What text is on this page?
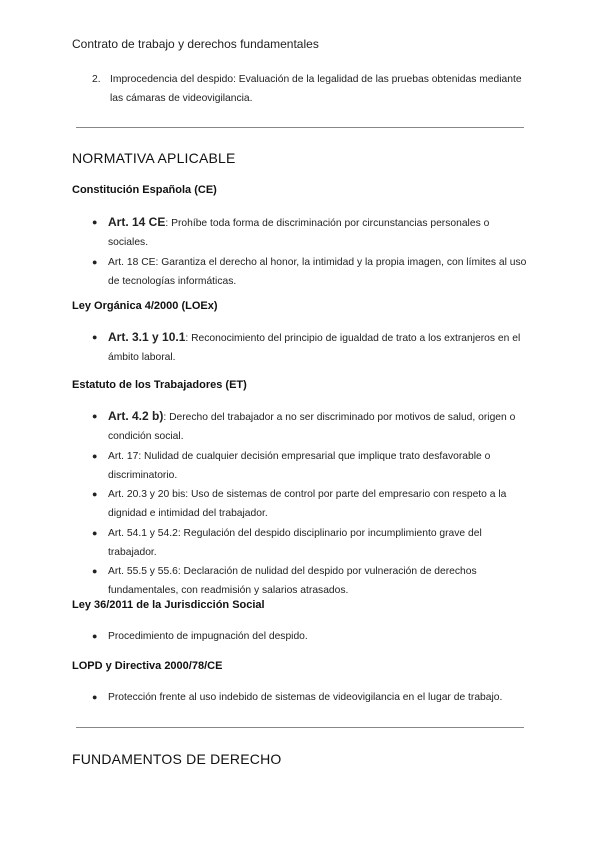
Contrato de trabajo y derechos fundamentales
2. Improcedencia del despido: Evaluación de la legalidad de las pruebas obtenidas mediante las cámaras de videovigilancia.
NORMATIVA APLICABLE
Constitución Española (CE)
● Art. 14 CE: Prohíbe toda forma de discriminación por circunstancias personales o sociales.
● Art. 18 CE: Garantiza el derecho al honor, la intimidad y la propia imagen, con límites al uso de tecnologías informáticas.
Ley Orgánica 4/2000 (LOEx)
● Art. 3.1 y 10.1: Reconocimiento del principio de igualdad de trato a los extranjeros en el ámbito laboral.
Estatuto de los Trabajadores (ET)
● Art. 4.2 b): Derecho del trabajador a no ser discriminado por motivos de salud, origen o condición social.
● Art. 17: Nulidad de cualquier decisión empresarial que implique trato desfavorable o discriminatorio.
● Art. 20.3 y 20 bis: Uso de sistemas de control por parte del empresario con respeto a la dignidad e intimidad del trabajador.
● Art. 54.1 y 54.2: Regulación del despido disciplinario por incumplimiento grave del trabajador.
● Art. 55.5 y 55.6: Declaración de nulidad del despido por vulneración de derechos fundamentales, con readmisión y salarios atrasados.
Ley 36/2011 de la Jurisdicción Social
● Procedimiento de impugnación del despido.
LOPD y Directiva 2000/78/CE
● Protección frente al uso indebido de sistemas de videovigilancia en el lugar de trabajo.
FUNDAMENTOS DE DERECHO
